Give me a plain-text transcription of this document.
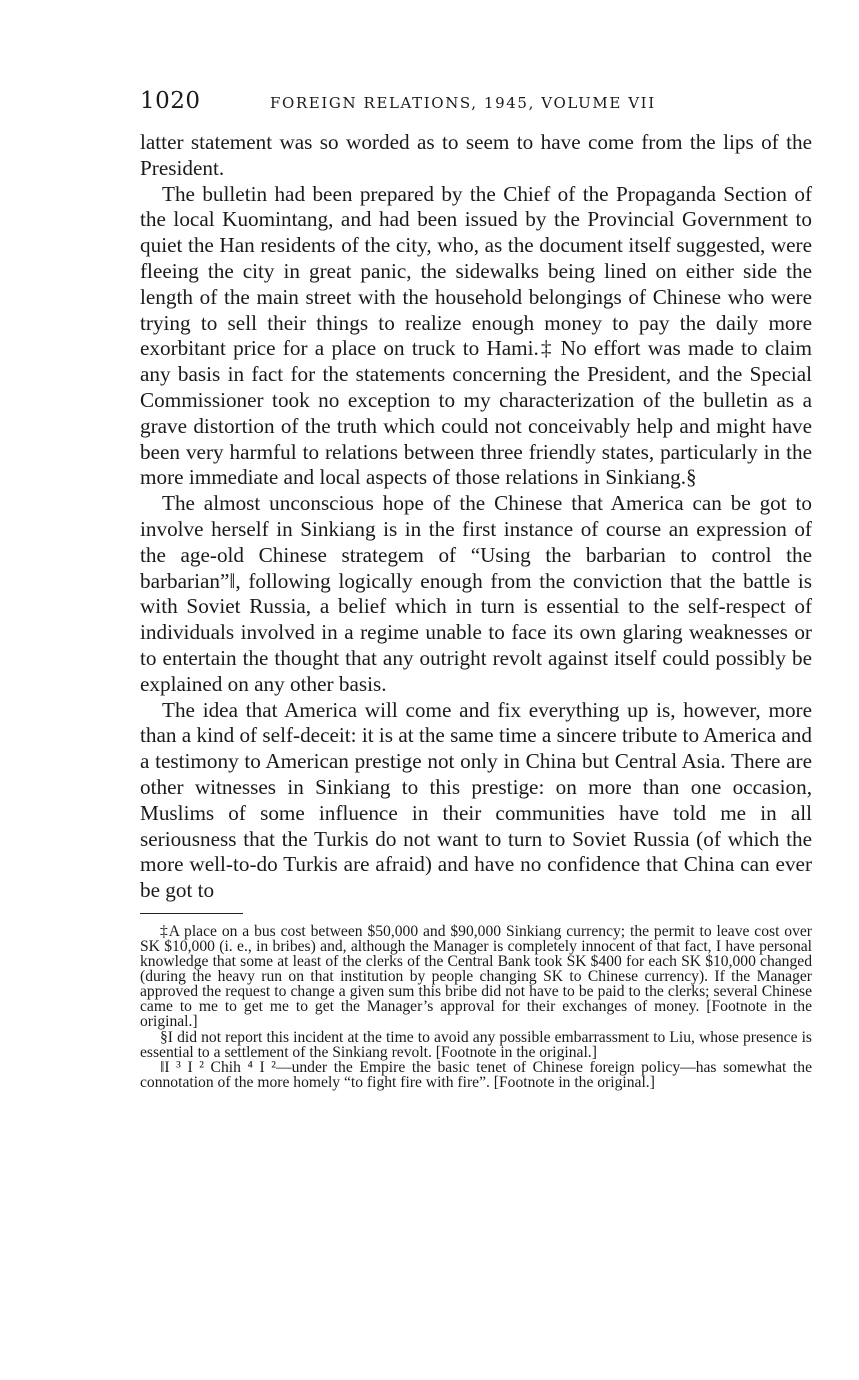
1020	FOREIGN RELATIONS, 1945, VOLUME VII

latter statement was so worded as to seem to have come from the lips of the President.

The bulletin had been prepared by the Chief of the Propaganda Section of the local Kuomintang, and had been issued by the Provincial Government to quiet the Han residents of the city, who, as the document itself suggested, were fleeing the city in great panic, the sidewalks being lined on either side the length of the main street with the household belongings of Chinese who were trying to sell their things to realize enough money to pay the daily more exorbitant price for a place on truck to Hami.‡ No effort was made to claim any basis in fact for the statements concerning the President, and the Special Commissioner took no exception to my characterization of the bulletin as a grave distortion of the truth which could not conceivably help and might have been very harmful to relations between three friendly states, particularly in the more immediate and local aspects of those relations in Sinkiang.§

The almost unconscious hope of the Chinese that America can be got to involve herself in Sinkiang is in the first instance of course an expression of the age-old Chinese strategem of “Using the barbarian to control the barbarian”‖, following logically enough from the conviction that the battle is with Soviet Russia, a belief which in turn is essential to the self-respect of individuals involved in a regime unable to face its own glaring weaknesses or to entertain the thought that any outright revolt against itself could possibly be explained on any other basis.

The idea that America will come and fix everything up is, however, more than a kind of self-deceit: it is at the same time a sincere tribute to America and a testimony to American prestige not only in China but Central Asia. There are other witnesses in Sinkiang to this prestige: on more than one occasion, Muslims of some influence in their communities have told me in all seriousness that the Turkis do not want to turn to Soviet Russia (of which the more well-to-do Turkis are afraid) and have no confidence that China can ever be got to

‡A place on a bus cost between $50,000 and $90,000 Sinkiang currency; the permit to leave cost over SK $10,000 (i. e., in bribes) and, although the Manager is completely innocent of that fact, I have personal knowledge that some at least of the clerks of the Central Bank took SK $400 for each SK $10,000 changed (during the heavy run on that institution by people changing SK to Chinese currency). If the Manager approved the request to change a given sum this bribe did not have to be paid to the clerks; several Chinese came to me to get me to get the Manager’s approval for their exchanges of money. [Footnote in the original.]

§I did not report this incident at the time to avoid any possible embarrassment to Liu, whose presence is essential to a settlement of the Sinkiang revolt. [Footnote in the original.]

‖I ³ I ² Chih ⁴ I ²—under the Empire the basic tenet of Chinese foreign policy—has somewhat the connotation of the more homely “to fight fire with fire”. [Footnote in the original.]
